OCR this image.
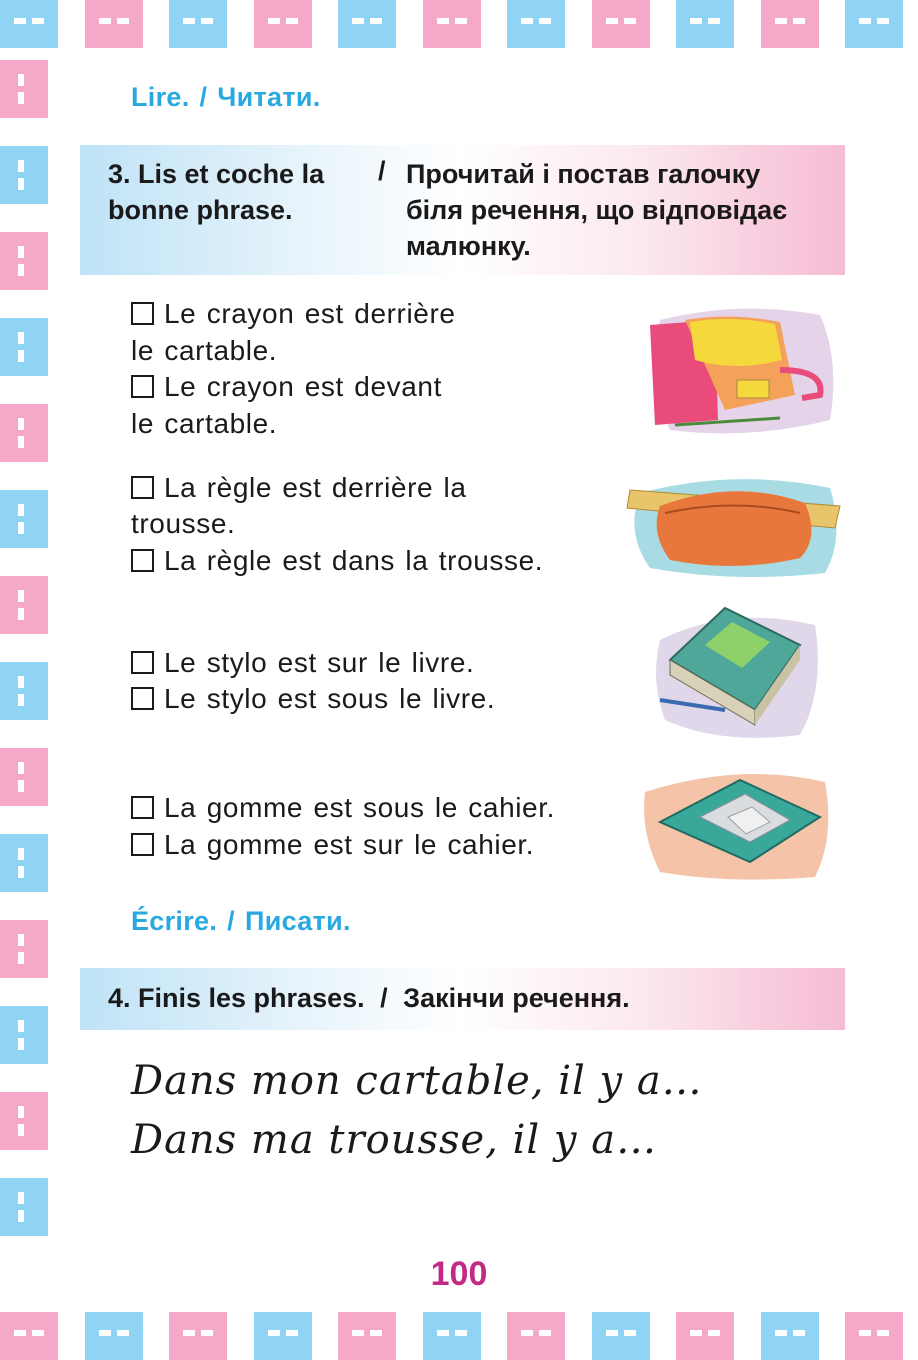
Lire. / Читати.
3. Lis et coche la
bonne phrase.
/ Прочитай і постав галочку
біля речення, що відповідає
малюнку.
Le crayon est derrière
le cartable.
Le crayon est devant
le cartable.
La règle est derrière la
trousse.
La règle est dans la trousse.
Le stylo est sur le livre.
Le stylo est sous le livre.
La gomme est sous le cahier.
La gomme est sur le cahier.
Écrire. / Писати.
4. Finis les phrases. / Закінчи речення.
Dans mon cartable, il y a…
Dans ma trousse, il y a…
100
